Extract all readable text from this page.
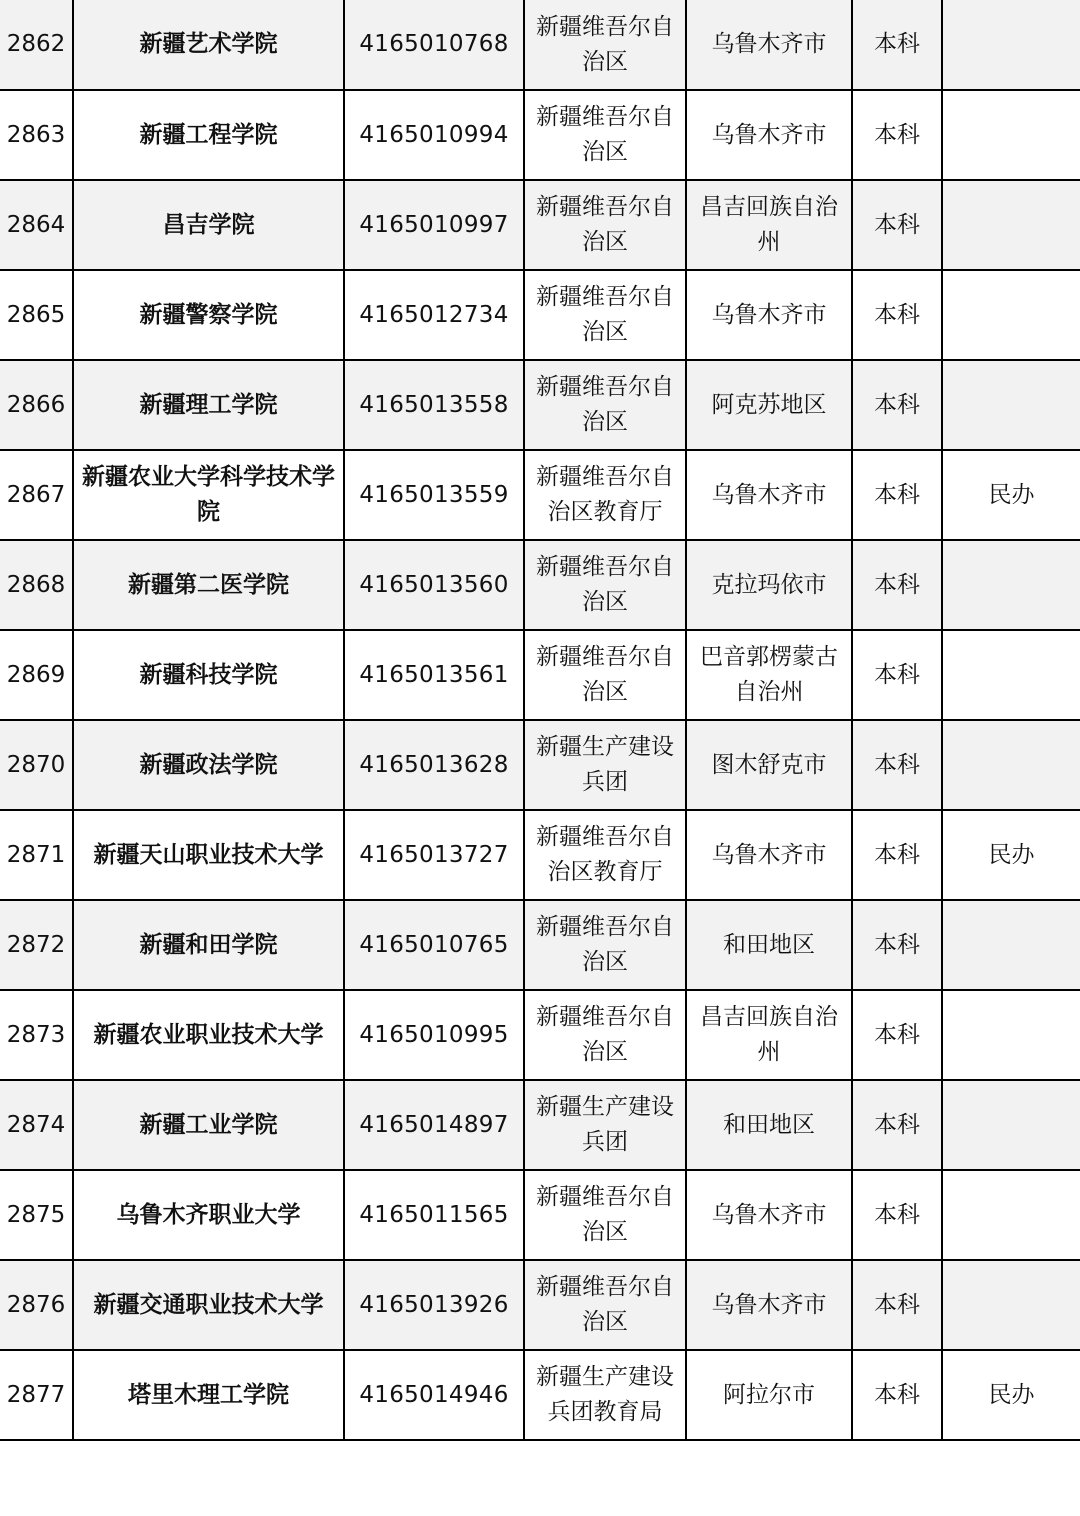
2862	新疆艺术学院	4165010768	新疆维吾尔自治区	乌鲁木齐市	本科	
2863	新疆工程学院	4165010994	新疆维吾尔自治区	乌鲁木齐市	本科	
2864	昌吉学院	4165010997	新疆维吾尔自治区	昌吉回族自治州	本科	
2865	新疆警察学院	4165012734	新疆维吾尔自治区	乌鲁木齐市	本科	
2866	新疆理工学院	4165013558	新疆维吾尔自治区	阿克苏地区	本科	
2867	新疆农业大学科学技术学院	4165013559	新疆维吾尔自治区教育厅	乌鲁木齐市	本科	民办
2868	新疆第二医学院	4165013560	新疆维吾尔自治区	克拉玛依市	本科	
2869	新疆科技学院	4165013561	新疆维吾尔自治区	巴音郭楞蒙古自治州	本科	
2870	新疆政法学院	4165013628	新疆生产建设兵团	图木舒克市	本科	
2871	新疆天山职业技术大学	4165013727	新疆维吾尔自治区教育厅	乌鲁木齐市	本科	民办
2872	新疆和田学院	4165010765	新疆维吾尔自治区	和田地区	本科	
2873	新疆农业职业技术大学	4165010995	新疆维吾尔自治区	昌吉回族自治州	本科	
2874	新疆工业学院	4165014897	新疆生产建设兵团	和田地区	本科	
2875	乌鲁木齐职业大学	4165011565	新疆维吾尔自治区	乌鲁木齐市	本科	
2876	新疆交通职业技术大学	4165013926	新疆维吾尔自治区	乌鲁木齐市	本科	
2877	塔里木理工学院	4165014946	新疆生产建设兵团教育局	阿拉尔市	本科	民办
